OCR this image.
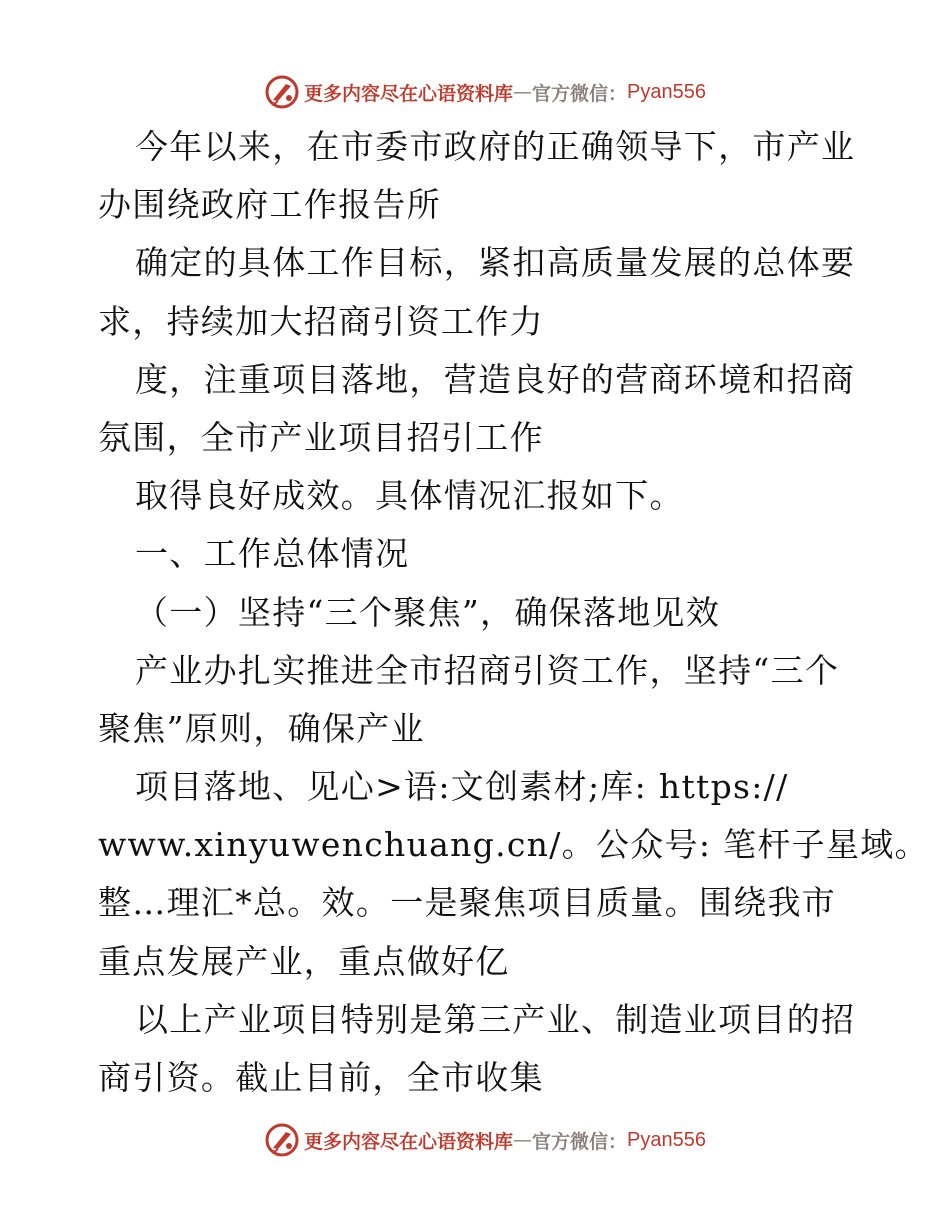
更多内容尽在心语资料库 — 官方微信： Pyan556
今年以来，在市委市政府的正确领导下，市产业
办围绕政府工作报告所
确定的具体工作目标，紧扣高质量发展的总体要
求，持续加大招商引资工作力
度，注重项目落地，营造良好的营商环境和招商
氛围，全市产业项目招引工作
取得良好成效。具体情况汇报如下。
一、工作总体情况
（一）坚持“三个聚焦”，确保落地见效
产业办扎实推进全市招商引资工作，坚持“三个
聚焦”原则，确保产业
项目落地、见心>语:文创素材;库: https://
www.xinyuwenchuang.cn/。公众号: 笔杆子星域。
整…理汇*总。效。一是聚焦项目质量。围绕我市
重点发展产业，重点做好亿
以上产业项目特别是第三产业、制造业项目的招
商引资。截止目前，全市收集
更多内容尽在心语资料库 — 官方微信： Pyan556
